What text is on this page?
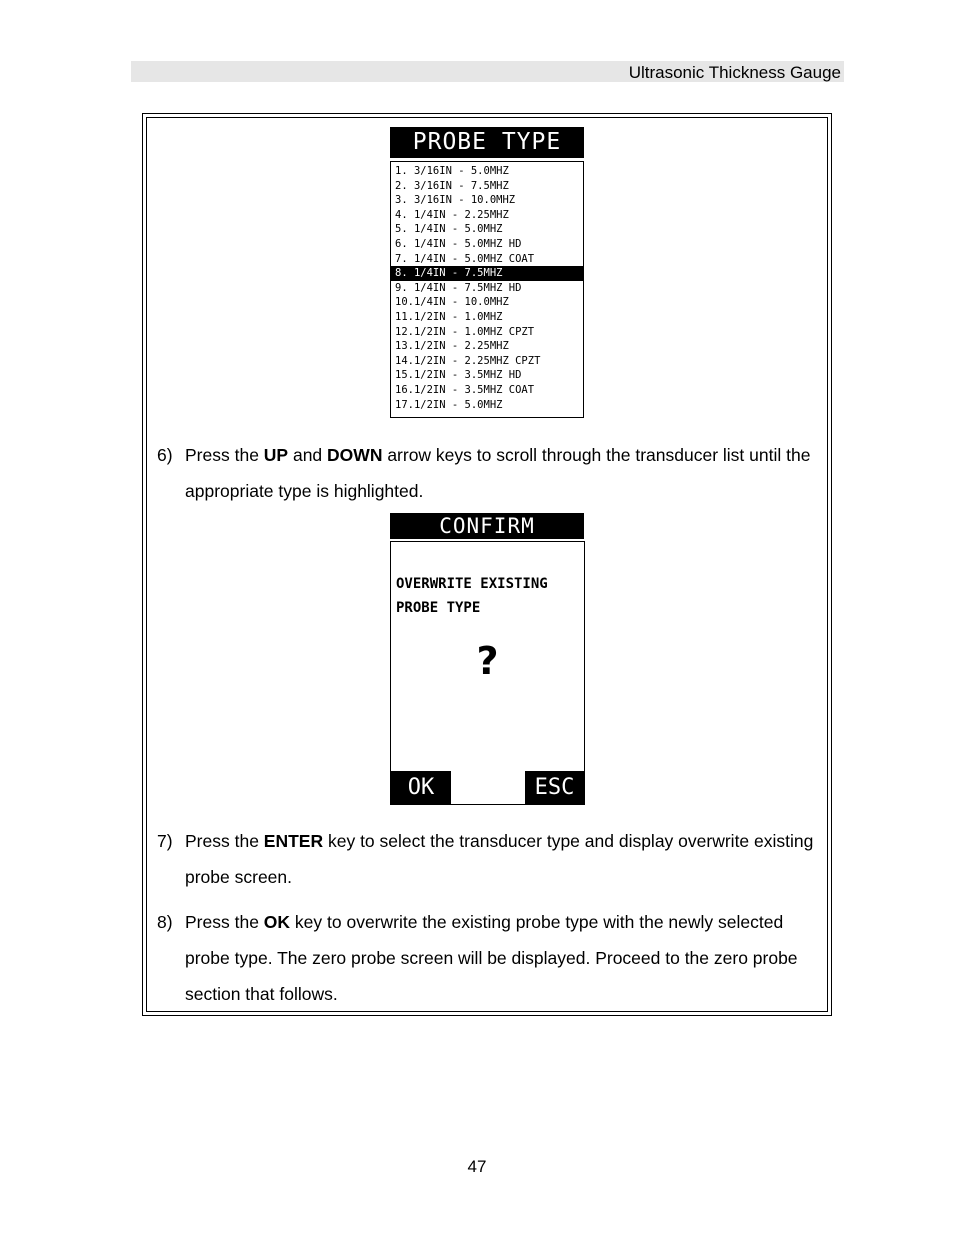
Ultrasonic Thickness Gauge
PROBE TYPE
1. 3/16IN - 5.0MHZ
2. 3/16IN - 7.5MHZ
3. 3/16IN - 10.0MHZ
4. 1/4IN - 2.25MHZ
5. 1/4IN - 5.0MHZ
6. 1/4IN - 5.0MHZ HD
7. 1/4IN - 5.0MHZ COAT
8. 1/4IN - 7.5MHZ
9. 1/4IN - 7.5MHZ HD
10.1/4IN - 10.0MHZ
11.1/2IN - 1.0MHZ
12.1/2IN - 1.0MHZ CPZT
13.1/2IN - 2.25MHZ
14.1/2IN - 2.25MHZ CPZT
15.1/2IN - 3.5MHZ HD
16.1/2IN - 3.5MHZ COAT
17.1/2IN - 5.0MHZ
6) Press the UP and DOWN arrow keys to scroll through the transducer list until the appropriate type is highlighted.
CONFIRM
OVERWRITE EXISTING
PROBE TYPE
?
OK	ESC
7) Press the ENTER key to select the transducer type and display overwrite existing probe screen.
8) Press the OK key to overwrite the existing probe type with the newly selected probe type. The zero probe screen will be displayed. Proceed to the zero probe section that follows.
47
